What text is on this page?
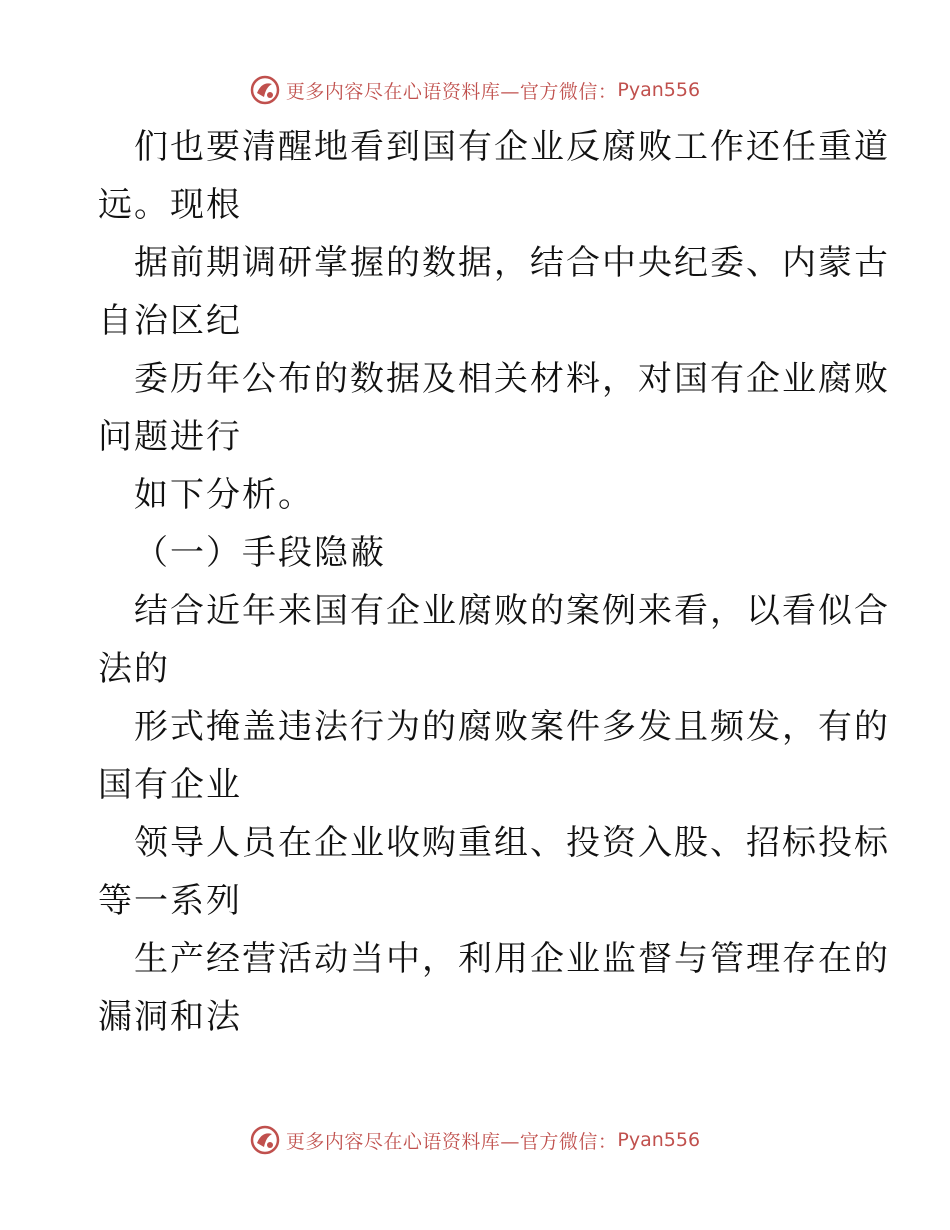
更多内容尽在心语资料库—官方微信： Pyan556
们也要清醒地看到国有企业反腐败工作还任重道
远。现根
据前期调研掌握的数据，结合中央纪委、内蒙古
自治区纪
委历年公布的数据及相关材料，对国有企业腐败
问题进行
如下分析。
（一）手段隐蔽
结合近年来国有企业腐败的案例来看，以看似合
法的
形式掩盖违法行为的腐败案件多发且频发，有的
国有企业
领导人员在企业收购重组、投资入股、招标投标
等一系列
生产经营活动当中，利用企业监督与管理存在的
漏洞和法
更多内容尽在心语资料库—官方微信： Pyan556
